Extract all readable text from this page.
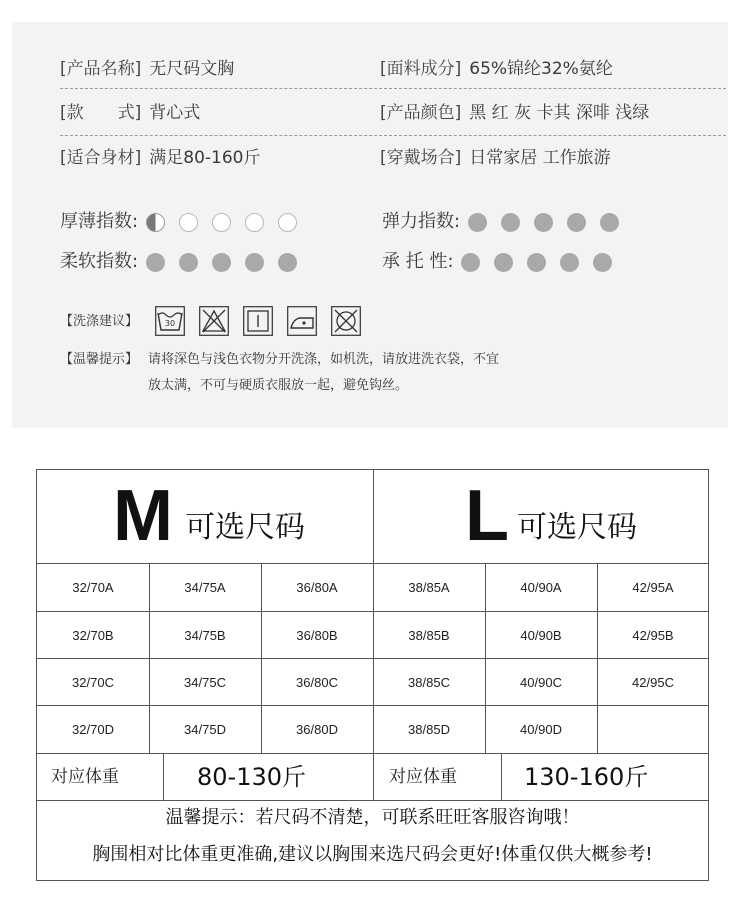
[产品名称] 无尺码文胸	[面料成分] 65%锦纶32%氨纶
[款　　式] 背心式	[产品颜色] 黑 红 灰 卡其 深啡 浅绿
[适合身材] 满足80-160斤	[穿戴场合] 日常家居 工作旅游
厚薄指数:	弹力指数:
柔软指数:	承 托 性:
【洗涤建议】	30
【温馨提示】 请将深色与浅色衣物分开洗涤，如机洗，请放进洗衣袋，不宜
放太满，不可与硬质衣服放一起，避免钩丝。
M 可选尺码 L 可选尺码
32/70A	34/75A	36/80A	38/85A	40/90A	42/95A
32/70B	34/75B	36/80B	38/85B	40/90B	42/95B
32/70C	34/75C	36/80C	38/85C	40/90C	42/95C
32/70D	34/75D	36/80D	38/85D	40/90D
对应体重	80-130斤	对应体重	130-160斤
温馨提示：若尺码不清楚，可联系旺旺客服咨询哦！
胸围相对比体重更准确,建议以胸围来选尺码会更好!体重仅供大概参考!
